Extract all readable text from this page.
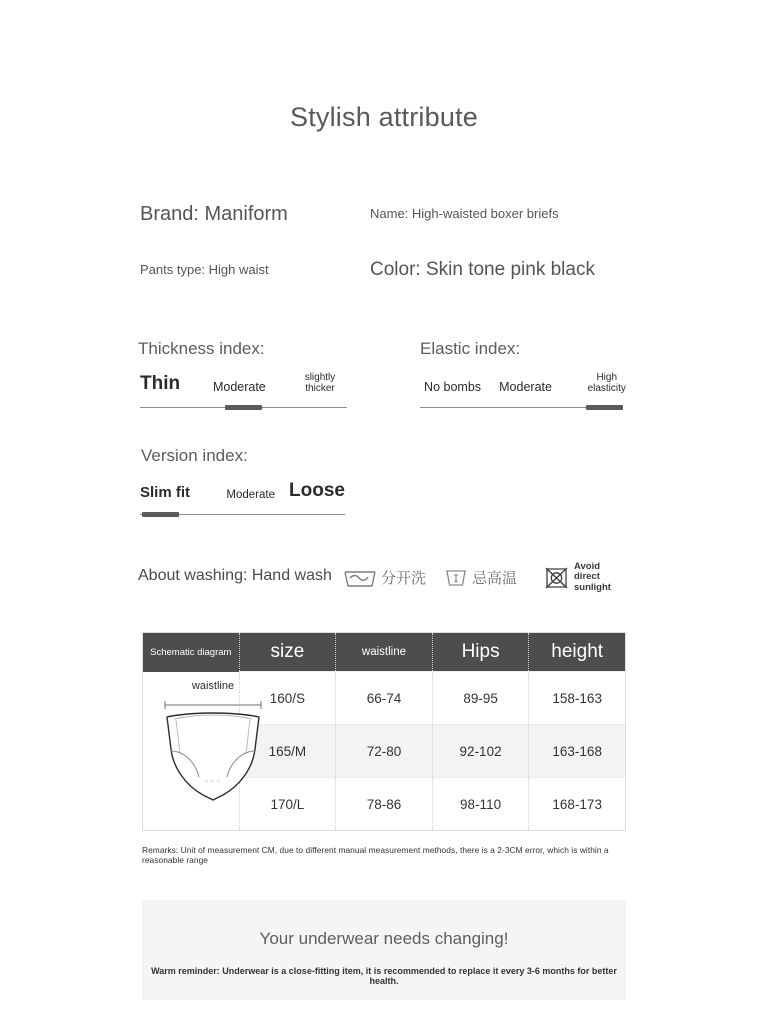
Stylish attribute
Brand: Maniform	Name: High-waisted boxer briefs
Pants type: High waist	Color: Skin tone pink black
Thickness index:
Thin	Moderate
slightly thicker
Elastic index:
No bombs Moderate
High elasticity
Version index:
Slim fit	Moderate Loose
About washing: Hand wash	分开洗	忌高温
Avoid direct sunlight
Schematic diagram	size	waistline	Hips	height

waistline	160/S	66-74	89-95	158-163
	165/M	72-80	92-102	163-168
	170/L	78-86	98-110	168-173
Remarks: Unit of measurement CM, due to different manual measurement methods, there is a 2-3CM error, which is within a reasonable range
Your underwear needs changing!
Warm reminder: Underwear is a close-fitting item, it is recommended to replace it every 3-6 months for better health.
